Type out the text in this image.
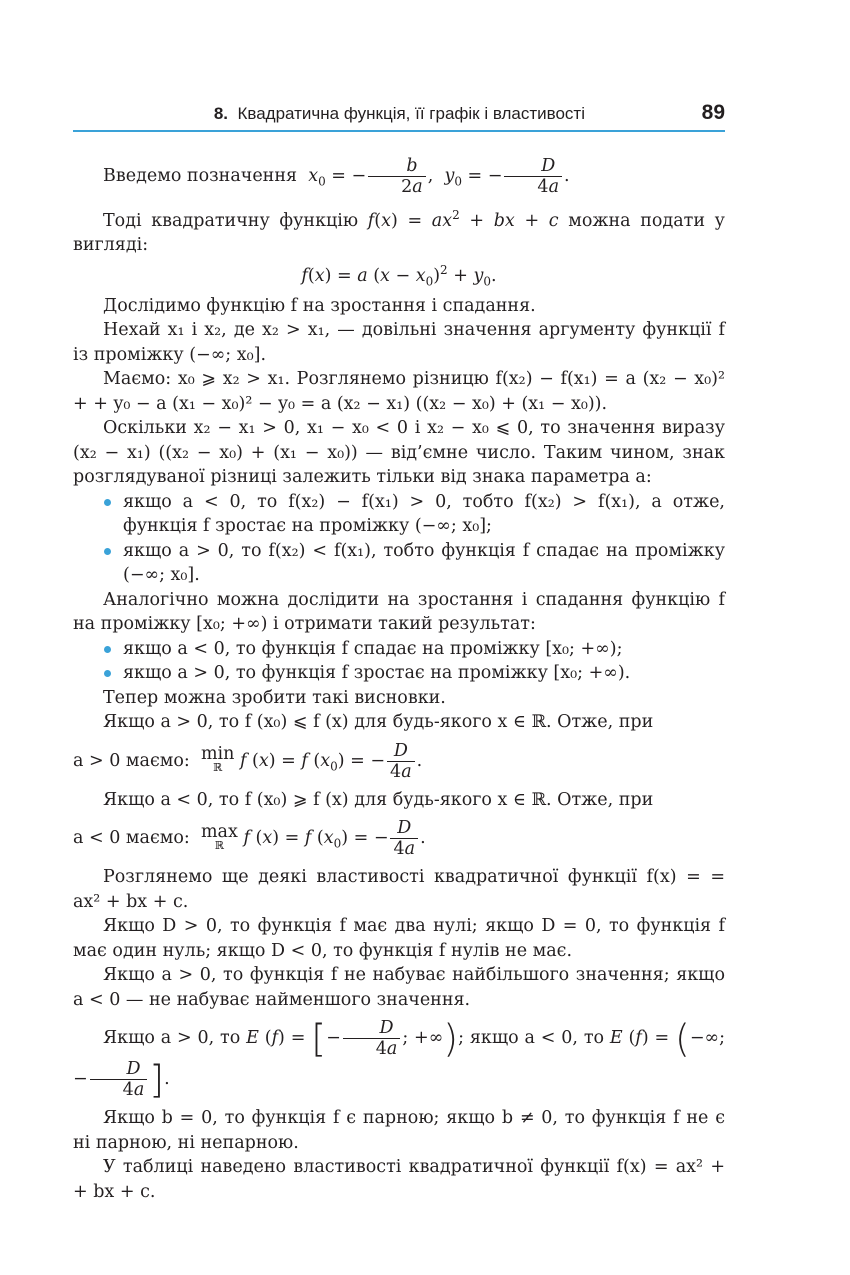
8. Квадратична функція, її графік і властивості	89

Введемо позначення $x_0$ = − $\frac{b}{2a}$ ,  $y_0$ = − $\frac{D}{4a}$ .

Тоді квадратичну функцію $f(x) = ax^2$ + bx + c можна подати у вигляді:

f(x) = a $(x - x_0)^2 + y_0$.

Дослідимо функцію f на зростання і спадання.

Нехай x₁ і x₂, де x₂ > x₁, — довільні значення аргументу функції f із проміжку (−∞; x₀].

Маємо: x₀ ⩾ x₂ > x₁. Розглянемо різницю f(x₂) − f(x₁) = a (x₂ − x₀)² + + y₀ − a (x₁ − x₀)² − y₀ = a (x₂ − x₁) ((x₂ − x₀) + (x₁ − x₀)).

Оскільки x₂ − x₁ > 0, x₁ − x₀ < 0 і x₂ − x₀ ⩽ 0, то значення виразу (x₂ − x₁) ((x₂ − x₀) + (x₁ − x₀)) — від’ємне число. Таким чином, знак розглядуваної різниці залежить тільки від знака параметра a:

якщо a < 0, то f(x₂) − f(x₁) > 0, тобто f(x₂) > f(x₁), а отже, функція f зростає на проміжку (−∞; x₀];

якщо a > 0, то f(x₂) < f(x₁), тобто функція f спадає на проміжку (−∞; x₀].

Аналогічно можна дослідити на зростання і спадання функцію f на проміжку [x₀; +∞) і отримати такий результат:

якщо a < 0, то функція f спадає на проміжку [x₀; +∞);

якщо a > 0, то функція f зростає на проміжку [x₀; +∞).

Тепер можна зробити такі висновки.

Якщо a > 0, то f (x₀) ⩽ f (x) для будь-якого x ∈ ℝ. Отже, при

a > 0 маємо: min
ℝ	f (x) = f $(x_0)$ = − $\frac{D}{4a}$ .

Якщо a < 0, то f (x₀) ⩾ f (x) для будь-якого x ∈ ℝ. Отже, при

a < 0 маємо: max
ℝ	f (x) = f $(x_0)$ = − $\frac{D}{4a}$ .

Розглянемо ще деякі властивості квадратичної функції f(x) = = ax² + bx + c.

Якщо D > 0, то функція f має два нулі; якщо D = 0, то функція f має один нуль; якщо D < 0, то функція f нулів не має.

Якщо a > 0, то функція f не набуває найбільшого значення; якщо a < 0 — не набуває найменшого значення.

Якщо a > 0, то E (f) = [− $\frac{D}{4a}$ ; +∞); якщо a < 0, то E (f) = (−∞; − $\frac{D}{4a}$ ].

Якщо b = 0, то функція f є парною; якщо b ≠ 0, то функція f не є ні парною, ні непарною.

У таблиці наведено властивості квадратичної функції f(x) = ax² + + bx + c.
